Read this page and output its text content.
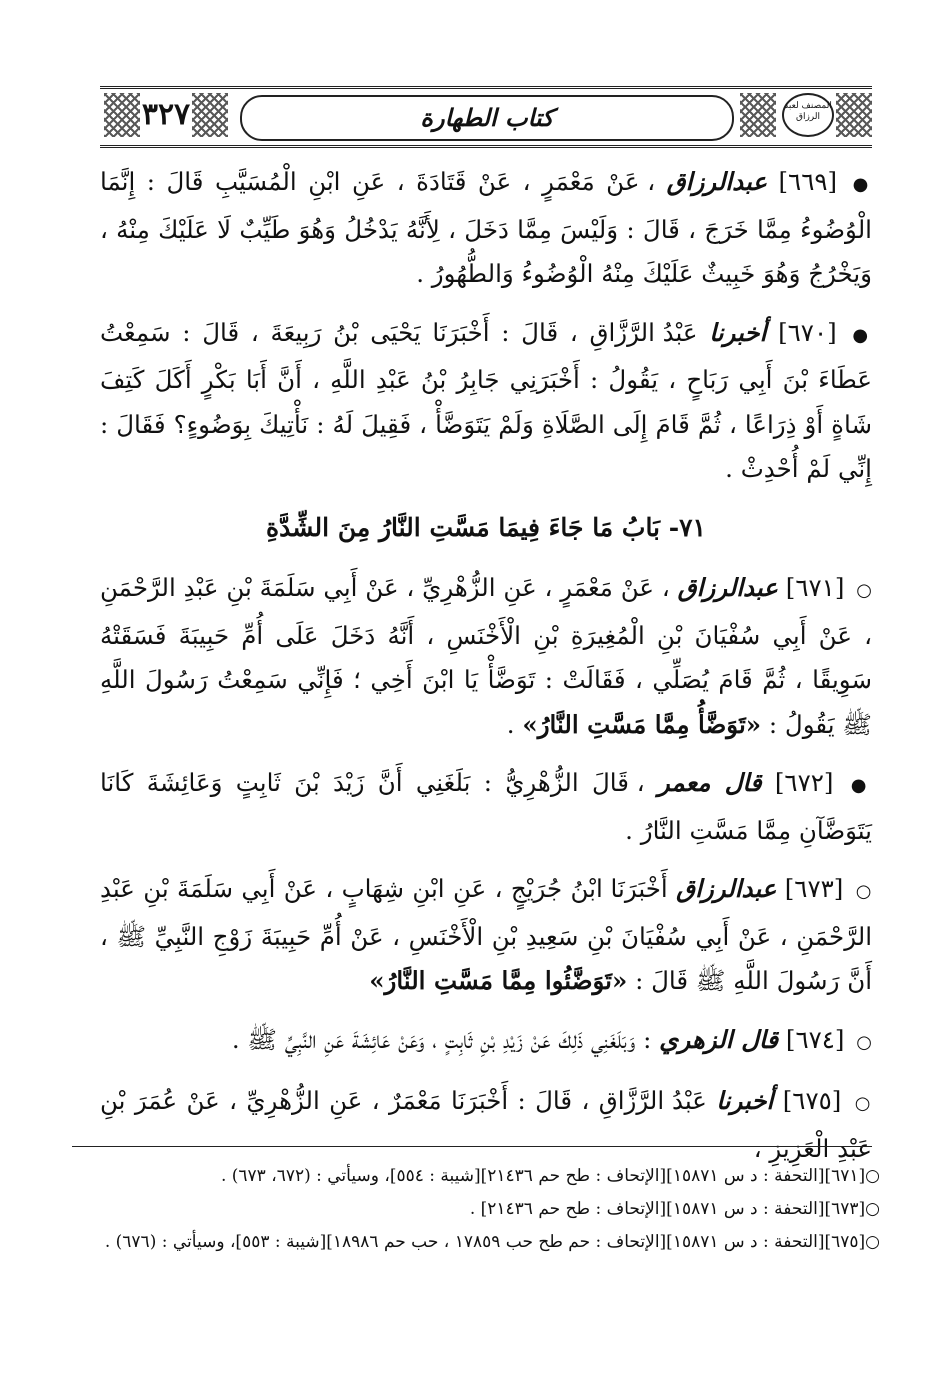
٣٢٧	كتاب الطهارة	المصنف لعبد الرزاق

● [٦٦٩] عبدالرزاق ، عَنْ مَعْمَرٍ ، عَنْ قَتَادَةَ ، عَنِ ابْنِ الْمُسَيَّبِ قَالَ : إِنَّمَا الْوُضُوءُ مِمَّا خَرَجَ ، قَالَ : وَلَيْسَ مِمَّا دَخَلَ ، لِأَنَّهُ يَدْخُلُ وَهُوَ طَيِّبٌ لَا عَلَيْكَ مِنْهُ ، وَيَخْرُجُ وَهُوَ خَبِيثٌ عَلَيْكَ مِنْهُ الْوُضُوءُ وَالطُّهُورُ .

● [٦٧٠] أخبرنا عَبْدُ الرَّزَّاقِ ، قَالَ : أَخْبَرَنَا يَحْيَى بْنُ رَبِيعَةَ ، قَالَ : سَمِعْتُ عَطَاءَ بْنَ أَبِي رَبَاحٍ ، يَقُولُ : أَخْبَرَنِي جَابِرُ بْنُ عَبْدِ اللَّهِ ، أَنَّ أَبَا بَكْرٍ أَكَلَ كَتِفَ شَاةٍ أَوْ ذِرَاعًا ، ثُمَّ قَامَ إِلَى الصَّلَاةِ وَلَمْ يَتَوَضَّأْ ، فَقِيلَ لَهُ : نَأْتِيكَ بِوَضُوءٍ؟ فَقَالَ : إِنِّي لَمْ أُحْدِثْ .

٧١- بَابُ مَا جَاءَ فِيمَا مَسَّتِ النَّارُ مِنَ الشِّدَّةِ

○ [٦٧١] عبدالرزاق ، عَنْ مَعْمَرٍ ، عَنِ الزُّهْرِيِّ ، عَنْ أَبِي سَلَمَةَ بْنِ عَبْدِ الرَّحْمَنِ ، عَنْ أَبِي سُفْيَانَ بْنِ الْمُغِيرَةِ بْنِ الْأَخْنَسِ ، أَنَّهُ دَخَلَ عَلَى أُمِّ حَبِيبَةَ فَسَقَتْهُ سَوِيقًا ، ثُمَّ قَامَ يُصَلِّي ، فَقَالَتْ : تَوَضَّأْ يَا ابْنَ أَخِي ؛ فَإِنِّي سَمِعْتُ رَسُولَ اللَّهِ ﷺ يَقُولُ : «تَوَضَّأُ مِمَّا مَسَّتِ النَّارُ» .

● [٦٧٢] قال معمر ، قَالَ الزُّهْرِيُّ : بَلَغَنِي أَنَّ زَيْدَ بْنَ ثَابِتٍ وَعَائِشَةَ كَانَا يَتَوَضَّآنِ مِمَّا مَسَّتِ النَّارُ .

○ [٦٧٣] عبدالرزاق أَخْبَرَنَا ابْنُ جُرَيْجٍ ، عَنِ ابْنِ شِهَابٍ ، عَنْ أَبِي سَلَمَةَ بْنِ عَبْدِ الرَّحْمَنِ ، عَنْ أَبِي سُفْيَانَ بْنِ سَعِيدِ بْنِ الْأَخْنَسِ ، عَنْ أُمِّ حَبِيبَةَ زَوْجِ النَّبِيِّ ﷺ ، أَنَّ رَسُولَ اللَّهِ ﷺ قَالَ : «تَوَضَّئُوا مِمَّا مَسَّتِ النَّارُ»

○ [٦٧٤] قال الزهري : وَبَلَغَنِي ذَلِكَ عَنْ زَيْدِ بْنِ ثَابِتٍ ، وَعَنْ عَائِشَةَ عَنِ النَّبِيِّ ﷺ .

○ [٦٧٥] أخبرنا عَبْدُ الرَّزَّاقِ ، قَالَ : أَخْبَرَنَا مَعْمَرٌ ، عَنِ الزُّهْرِيِّ ، عَنْ عُمَرَ بْنِ عَبْدِ الْعَزِيزِ ،

○[٦٧١][التحفة : د س ١٥٨٧١][الإتحاف : طح حم ٢١٤٣٦][شيبة : ٥٥٤]، وسيأتي : (٦٧٢، ٦٧٣) .

○[٦٧٣][التحفة : د س ١٥٨٧١][الإتحاف : طح حم ٢١٤٣٦] .

○[٦٧٥][التحفة : د س ١٥٨٧١][الإتحاف : حم طح حب ١٧٨٥٩ ، حب حم ١٨٩٨٦][شيبة : ٥٥٣]، وسيأتي : (٦٧٦) .
